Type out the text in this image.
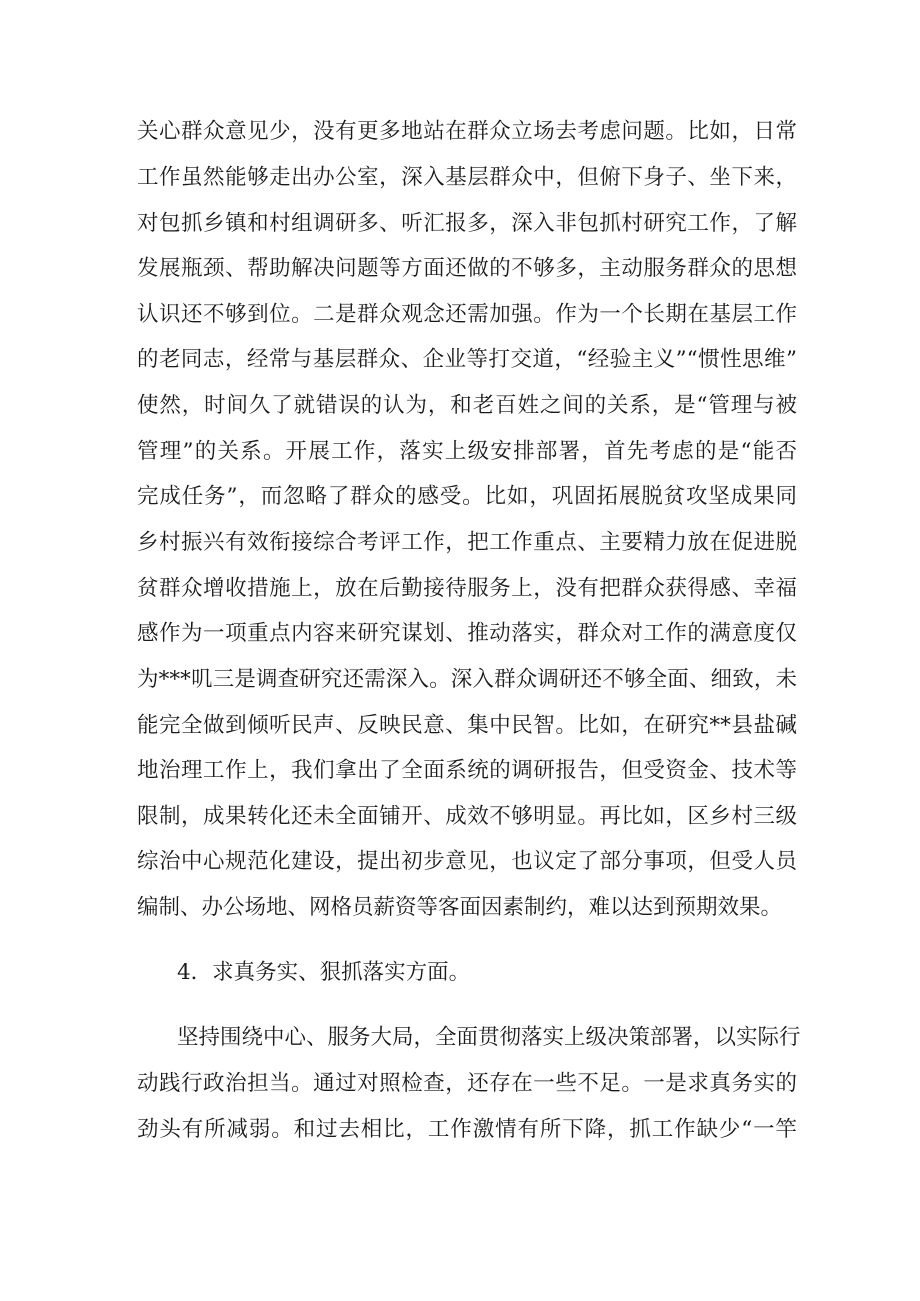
关心群众意见少，没有更多地站在群众立场去考虑问题。比如，日常
工作虽然能够走出办公室，深入基层群众中，但俯下身子、坐下来，
对包抓乡镇和村组调研多、听汇报多，深入非包抓村研究工作，了解
发展瓶颈、帮助解决问题等方面还做的不够多，主动服务群众的思想
认识还不够到位。二是群众观念还需加强。作为一个长期在基层工作
的老同志，经常与基层群众、企业等打交道，“经验主义”“惯性思维”
使然，时间久了就错误的认为，和老百姓之间的关系，是“管理与被
管理”的关系。开展工作，落实上级安排部署，首先考虑的是“能否
完成任务”，而忽略了群众的感受。比如，巩固拓展脱贫攻坚成果同
乡村振兴有效衔接综合考评工作，把工作重点、主要精力放在促进脱
贫群众增收措施上，放在后勤接待服务上，没有把群众获得感、幸福
感作为一项重点内容来研究谋划、推动落实，群众对工作的满意度仅
为***叽三是调查研究还需深入。深入群众调研还不够全面、细致，未
能完全做到倾听民声、反映民意、集中民智。比如，在研究**县盐碱
地治理工作上，我们拿出了全面系统的调研报告，但受资金、技术等
限制，成果转化还未全面铺开、成效不够明显。再比如，区乡村三级
综治中心规范化建设，提出初步意见，也议定了部分事项，但受人员
编制、办公场地、网格员薪资等客面因素制约，难以达到预期效果。
4．求真务实、狠抓落实方面。
坚持围绕中心、服务大局，全面贯彻落实上级决策部署，以实际行
动践行政治担当。通过对照检查，还存在一些不足。一是求真务实的
劲头有所减弱。和过去相比，工作激情有所下降，抓工作缺少“一竿
